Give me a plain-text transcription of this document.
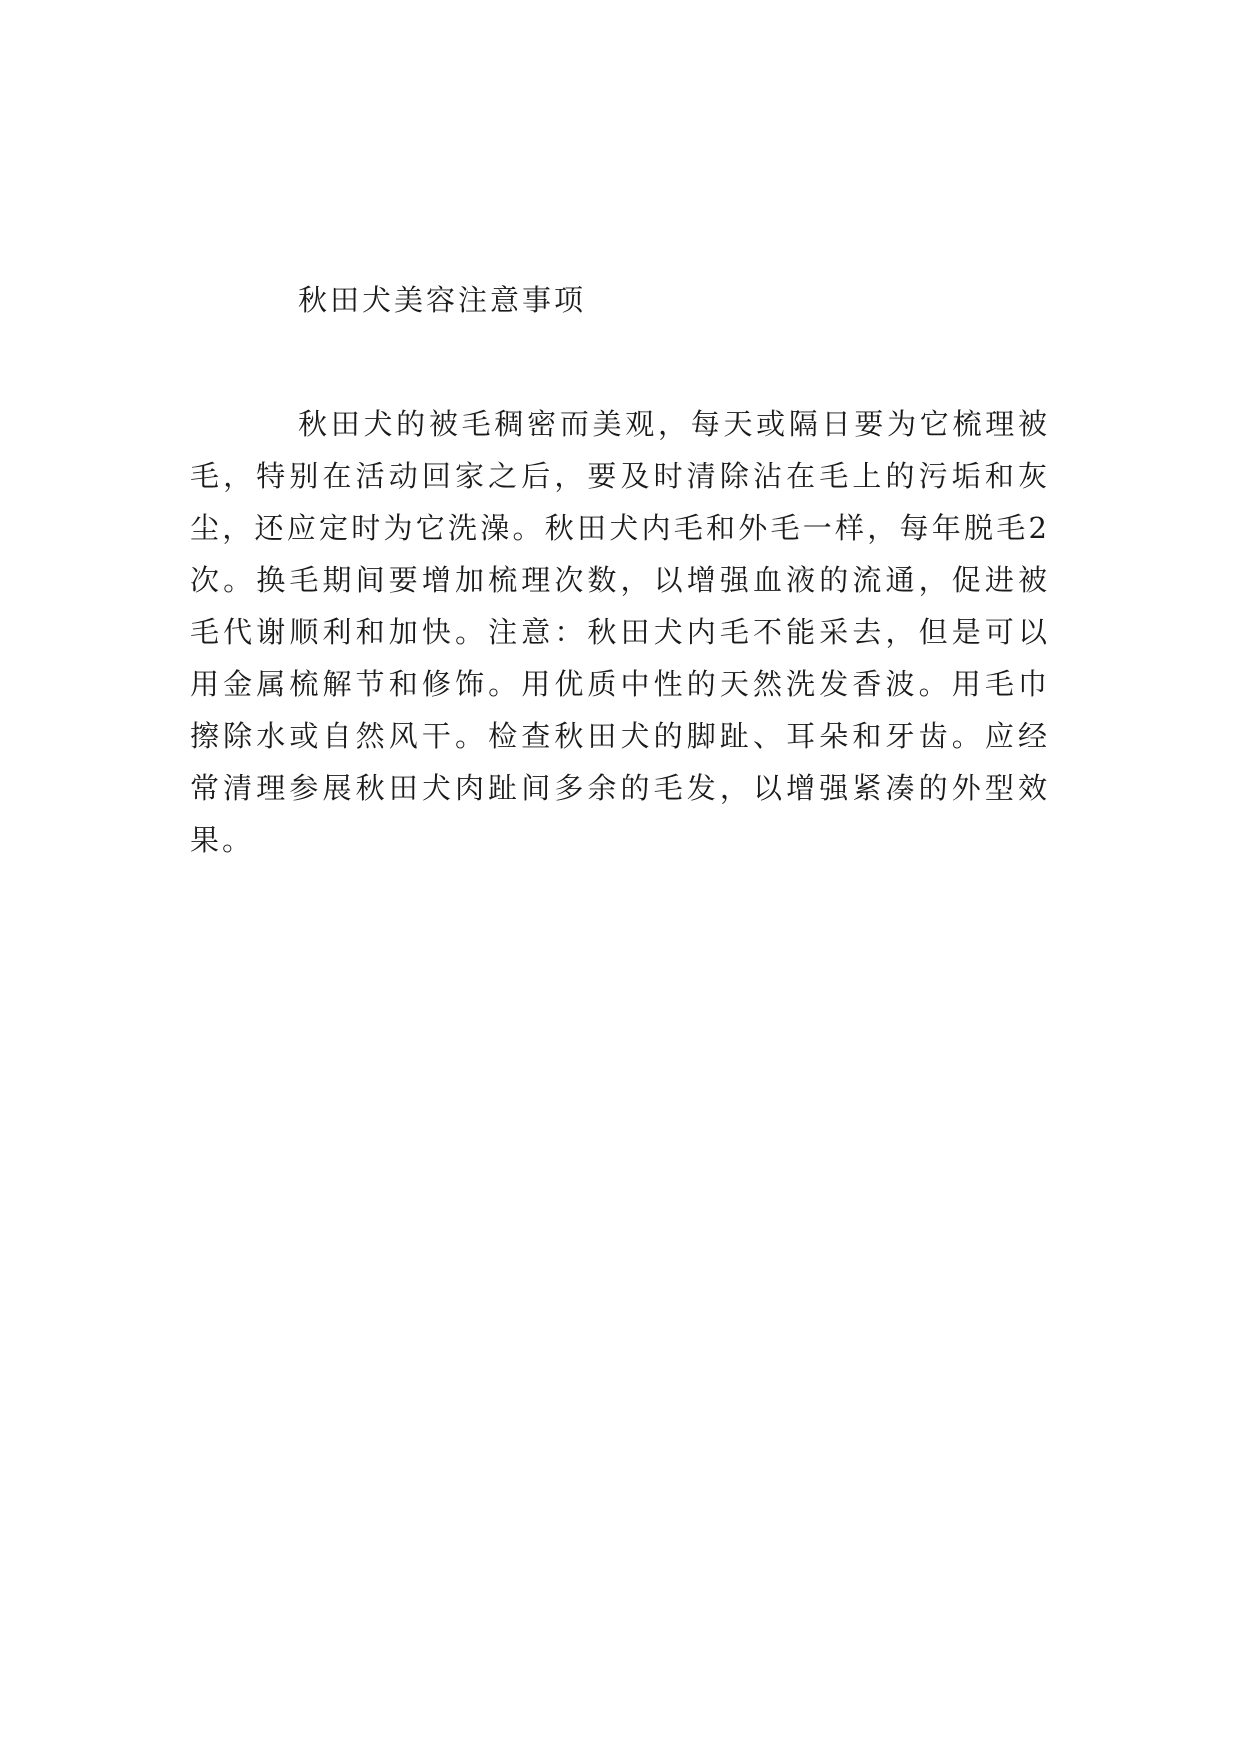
秋田犬美容注意事项

秋田犬的被毛稠密而美观，每天或隔日要为它梳理被毛，特别在活动回家之后，要及时清除沾在毛上的污垢和灰尘，还应定时为它洗澡。秋田犬内毛和外毛一样，每年脱毛2次。换毛期间要增加梳理次数，以增强血液的流通，促进被毛代谢顺利和加快。注意：秋田犬内毛不能采去，但是可以用金属梳解节和修饰。用优质中性的天然洗发香波。用毛巾擦除水或自然风干。检查秋田犬的脚趾、耳朵和牙齿。应经常清理参展秋田犬肉趾间多余的毛发，以增强紧凑的外型效果。
